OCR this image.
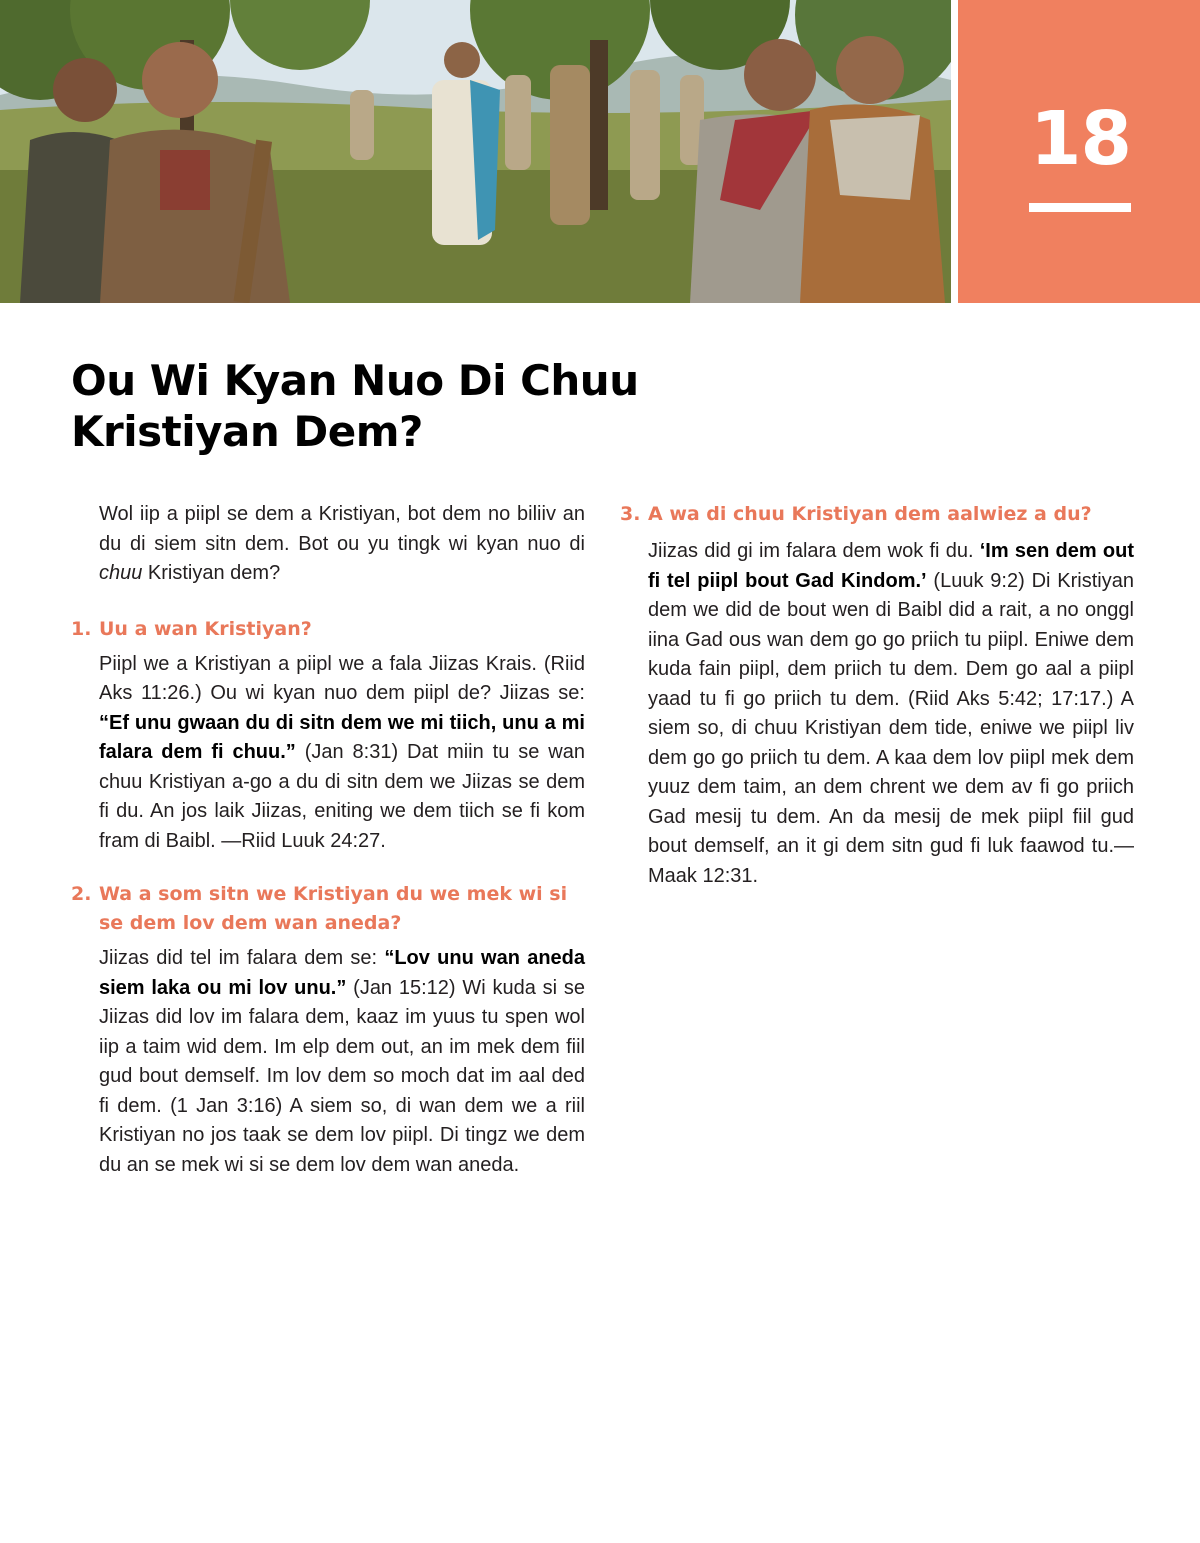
18
Ou Wi Kyan Nuo Di Chuu
Kristiyan Dem?

Wol iip a piipl se dem a Kristiyan, bot dem no biliiv an du di siem sitn dem. Bot ou yu tingk wi kyan nuo di chuu Kristiyan dem?

1. Uu a wan Kristiyan?

Piipl we a Kristiyan a piipl we a fala Jiizas Krais. (Riid Aks 11:26.) Ou wi kyan nuo dem piipl de? Jiizas se: “Ef unu gwaan du di sitn dem we mi tiich, unu a mi falara dem fi chuu.” (Jan 8:31) Dat miin tu se wan chuu Kristiyan a-go a du di sitn dem we Jiizas se dem fi du. An jos laik Jiizas, eniting we dem tiich se fi kom fram di Baibl. —Riid Luuk 24:27.

2. Wa a som sitn we Kristiyan du we mek wi si se dem lov dem wan aneda?

Jiizas did tel im falara dem se: “Lov unu wan aneda siem laka ou mi lov unu.” (Jan 15:12) Wi kuda si se Jiizas did lov im falara dem, kaaz im yuus tu spen wol iip a taim wid dem. Im elp dem out, an im mek dem fiil gud bout demself. Im lov dem so moch dat im aal ded fi dem. (1 Jan 3:16) A siem so, di wan dem we a riil Kristiyan no jos taak se dem lov piipl. Di tingz we dem du an se mek wi si se dem lov dem wan aneda.

3. A wa di chuu Kristiyan dem aalwiez a du?

Jiizas did gi im falara dem wok fi du. ‘Im sen dem out fi tel piipl bout Gad Kindom.’ (Luuk 9:2) Di Kristiyan dem we did de bout wen di Baibl did a rait, a no onggl iina Gad ous wan dem go go priich tu piipl. Eniwe dem kuda fain piipl, dem priich tu dem. Dem go aal a piipl yaad tu fi go priich tu dem. (Riid Aks 5:42; 17:17.) A siem so, di chuu Kristiyan dem tide, eniwe we piipl liv dem go go priich tu dem. A kaa dem lov piipl mek dem yuuz dem taim, an dem chrent we dem av fi go priich Gad mesij tu dem. An da mesij de mek piipl fiil gud bout demself, an it gi dem sitn gud fi luk faawod tu.—Maak 12:31.
